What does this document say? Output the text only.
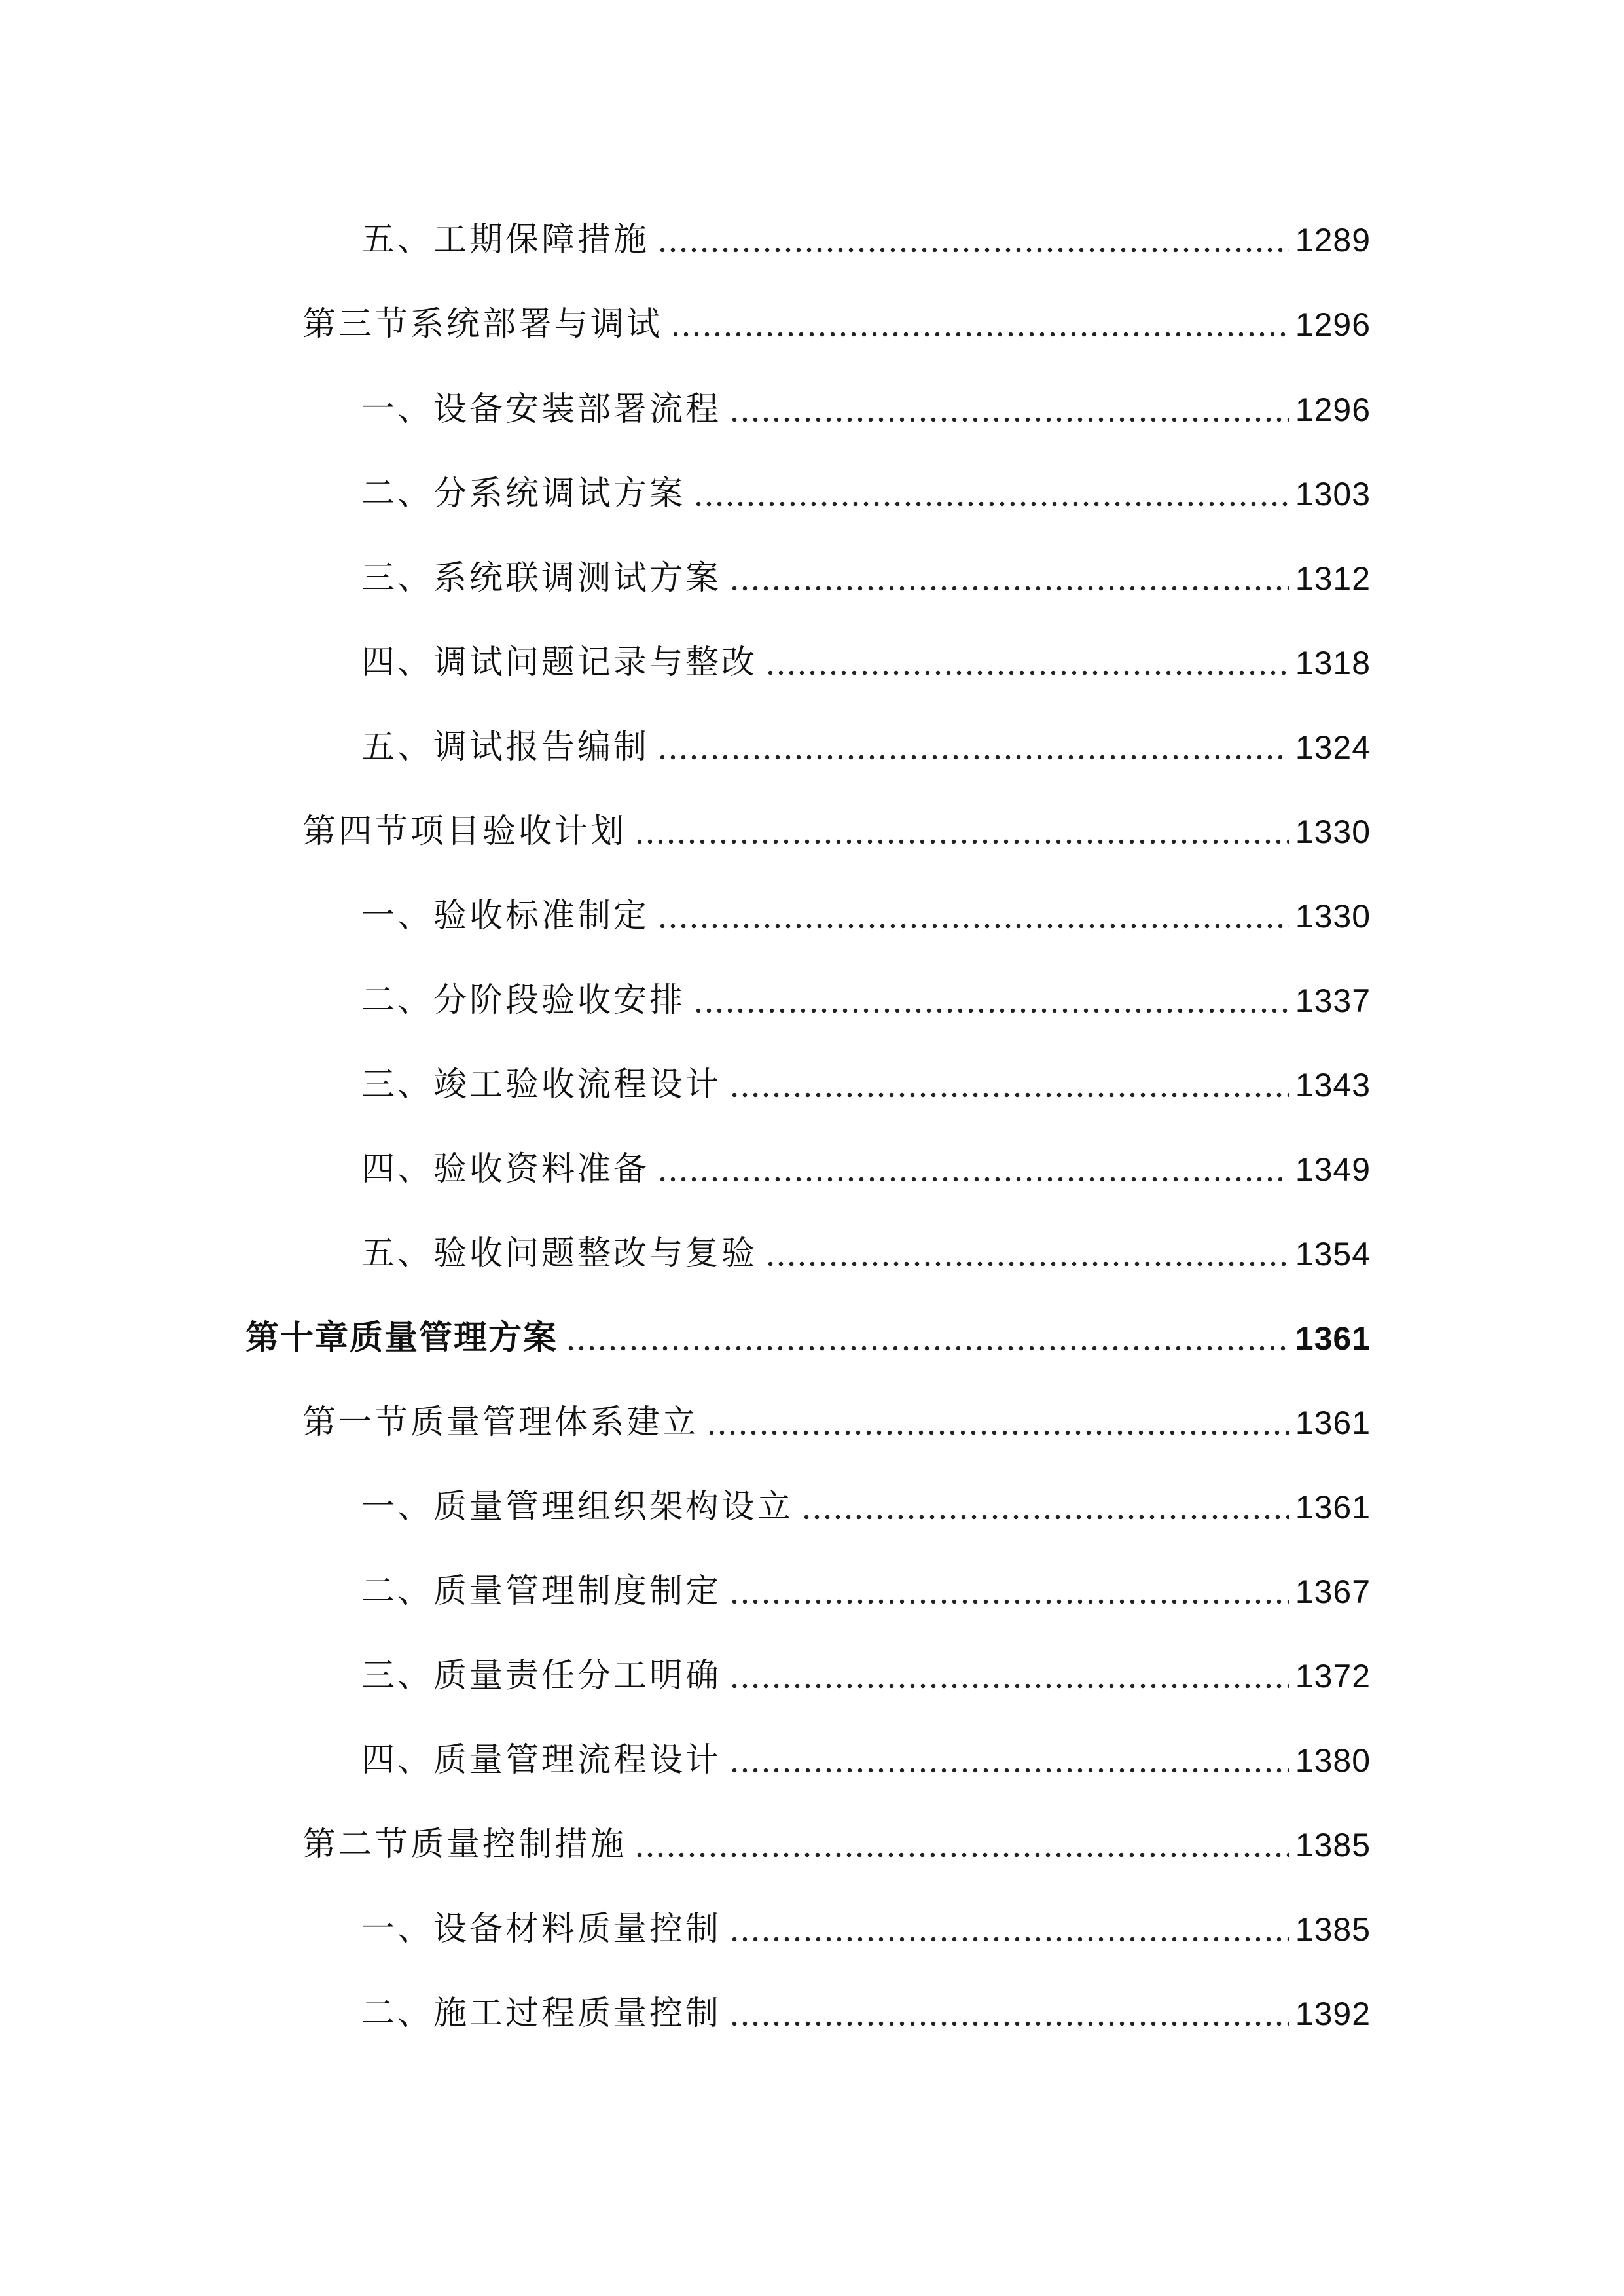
五、工期保障措施	1289
第三节系统部署与调试	1296
一、设备安装部署流程	1296
二、分系统调试方案	1303
三、系统联调测试方案	1312
四、调试问题记录与整改	1318
五、调试报告编制	1324
第四节项目验收计划	1330
一、验收标准制定	1330
二、分阶段验收安排	1337
三、竣工验收流程设计	1343
四、验收资料准备	1349
五、验收问题整改与复验	1354
第十章质量管理方案	1361
第一节质量管理体系建立	1361
一、质量管理组织架构设立	1361
二、质量管理制度制定	1367
三、质量责任分工明确	1372
四、质量管理流程设计	1380
第二节质量控制措施	1385
一、设备材料质量控制	1385
二、施工过程质量控制	1392
